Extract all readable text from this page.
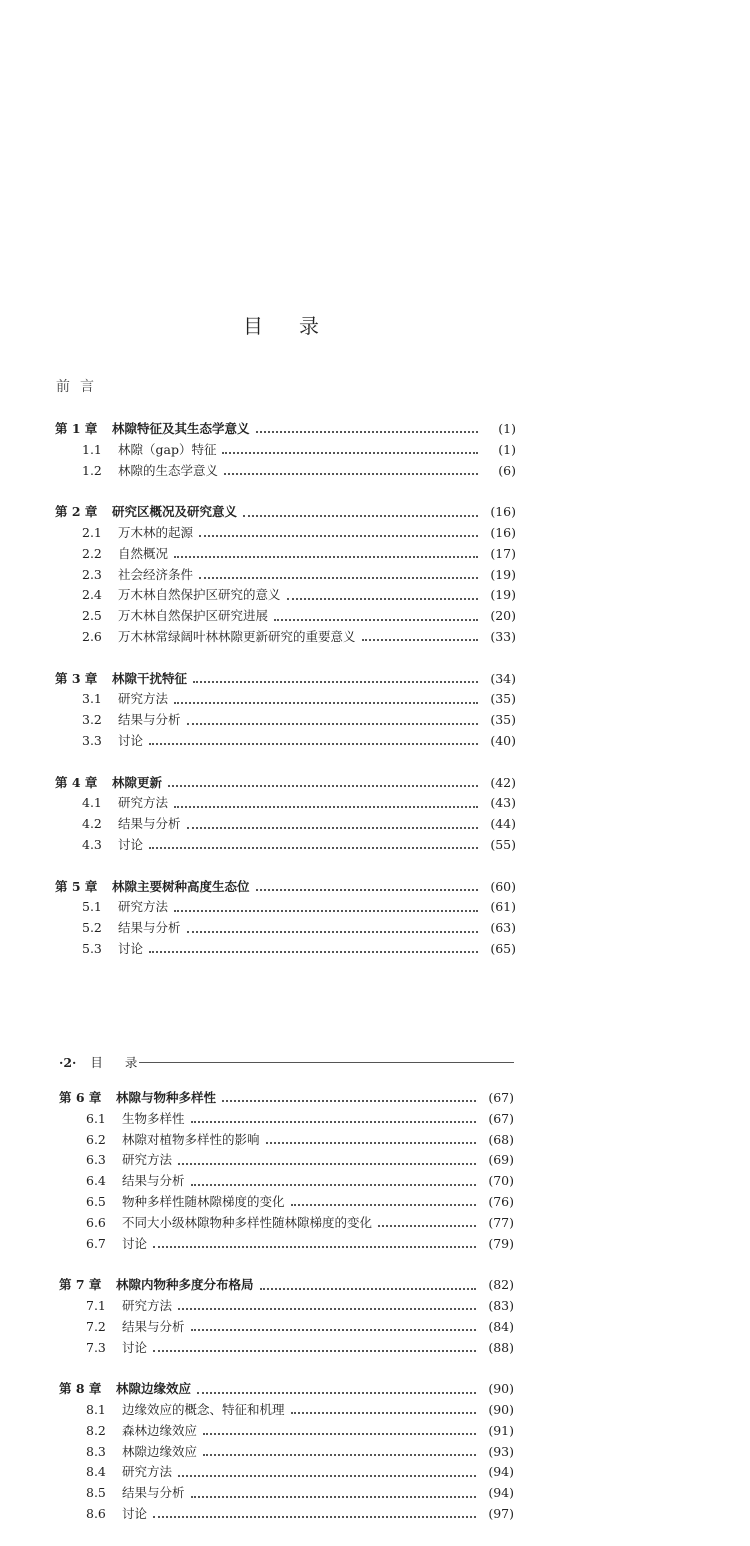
目录
前言
第 1 章	林隙特征及其生态学意义	(1)
1.1	林隙（gap）特征	(1)
1.2	林隙的生态学意义	(6)
第 2 章	研究区概况及研究意义	(16)
2.1	万木林的起源	(16)
2.2	自然概况	(17)
2.3	社会经济条件	(19)
2.4	万木林自然保护区研究的意义	(19)
2.5	万木林自然保护区研究进展	(20)
2.6	万木林常绿阔叶林林隙更新研究的重要意义	(33)
第 3 章	林隙干扰特征	(34)
3.1	研究方法	(35)
3.2	结果与分析	(35)
3.3	讨论	(40)
第 4 章	林隙更新	(42)
4.1	研究方法	(43)
4.2	结果与分析	(44)
4.3	讨论	(55)
第 5 章	林隙主要树种高度生态位	(60)
5.1	研究方法	(61)
5.2	结果与分析	(63)
5.3	讨论	(65)
·2· 目录
第 6 章	林隙与物种多样性	(67)
6.1	生物多样性	(67)
6.2	林隙对植物多样性的影响	(68)
6.3	研究方法	(69)
6.4	结果与分析	(70)
6.5	物种多样性随林隙梯度的变化	(76)
6.6	不同大小级林隙物种多样性随林隙梯度的变化	(77)
6.7	讨论	(79)
第 7 章	林隙内物种多度分布格局	(82)
7.1	研究方法	(83)
7.2	结果与分析	(84)
7.3	讨论	(88)
第 8 章	林隙边缘效应	(90)
8.1	边缘效应的概念、特征和机理	(90)
8.2	森林边缘效应	(91)
8.3	林隙边缘效应	(93)
8.4	研究方法	(94)
8.5	结果与分析	(94)
8.6	讨论	(97)
